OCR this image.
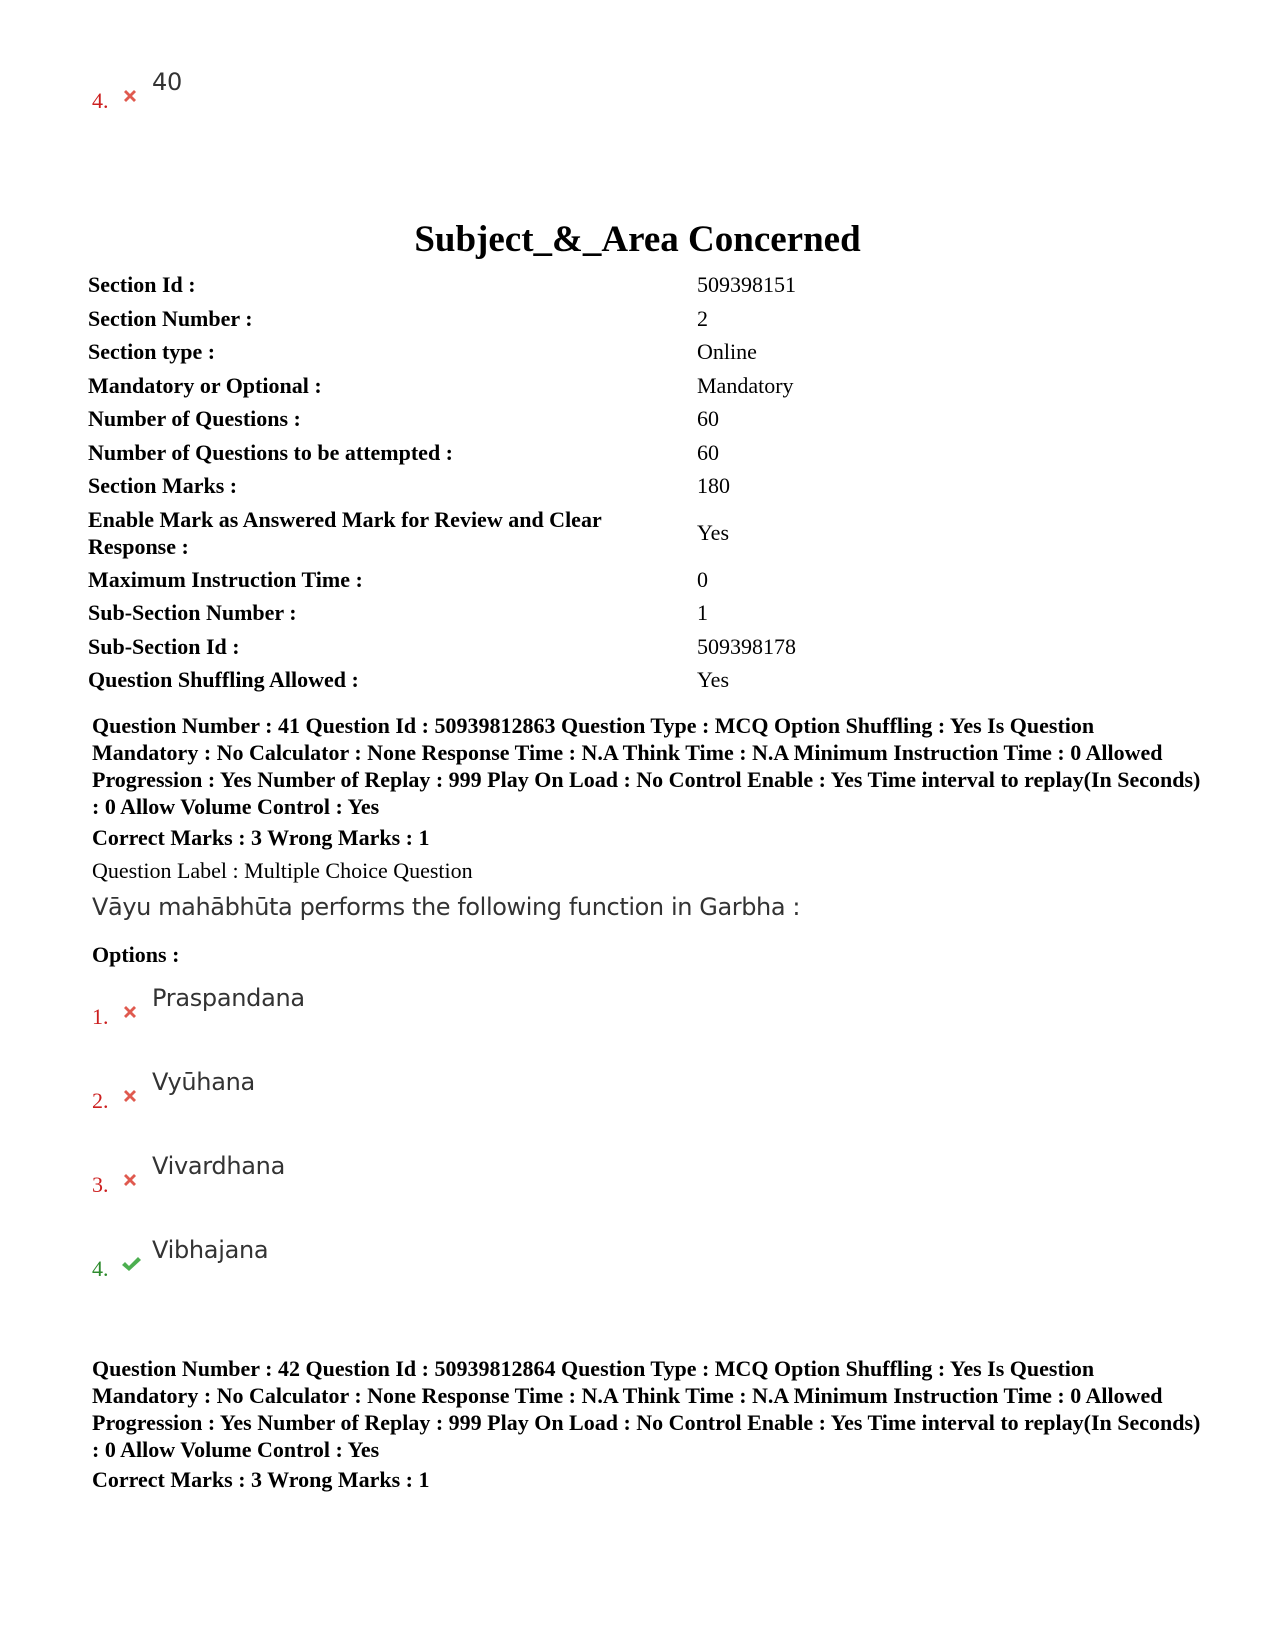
4.
40
Subject_&_Area Concerned
Section Id :	509398151
Section Number :	2
Section type :	Online
Mandatory or Optional :	Mandatory
Number of Questions :	60
Number of Questions to be attempted :	60
Section Marks :	180
Enable Mark as Answered Mark for Review and Clear Response :	Yes
Maximum Instruction Time :	0
Sub-Section Number :	1
Sub-Section Id :	509398178
Question Shuffling Allowed :	Yes
Question Number : 41 Question Id : 50939812863 Question Type : MCQ Option Shuffling : Yes Is Question Mandatory : No Calculator : None Response Time : N.A Think Time : N.A Minimum Instruction Time : 0 Allowed Progression : Yes Number of Replay : 999 Play On Load : No Control Enable : Yes Time interval to replay(In Seconds) : 0 Allow Volume Control : Yes
Correct Marks : 3 Wrong Marks : 1
Question Label : Multiple Choice Question
Vāyu mahābhūta performs the following function in Garbha :
Options :
1.
Praspandana
2.
Vyūhana
3.
Vivardhana
4.
Vibhajana
Question Number : 42 Question Id : 50939812864 Question Type : MCQ Option Shuffling : Yes Is Question Mandatory : No Calculator : None Response Time : N.A Think Time : N.A Minimum Instruction Time : 0 Allowed Progression : Yes Number of Replay : 999 Play On Load : No Control Enable : Yes Time interval to replay(In Seconds) : 0 Allow Volume Control : Yes
Correct Marks : 3 Wrong Marks : 1
